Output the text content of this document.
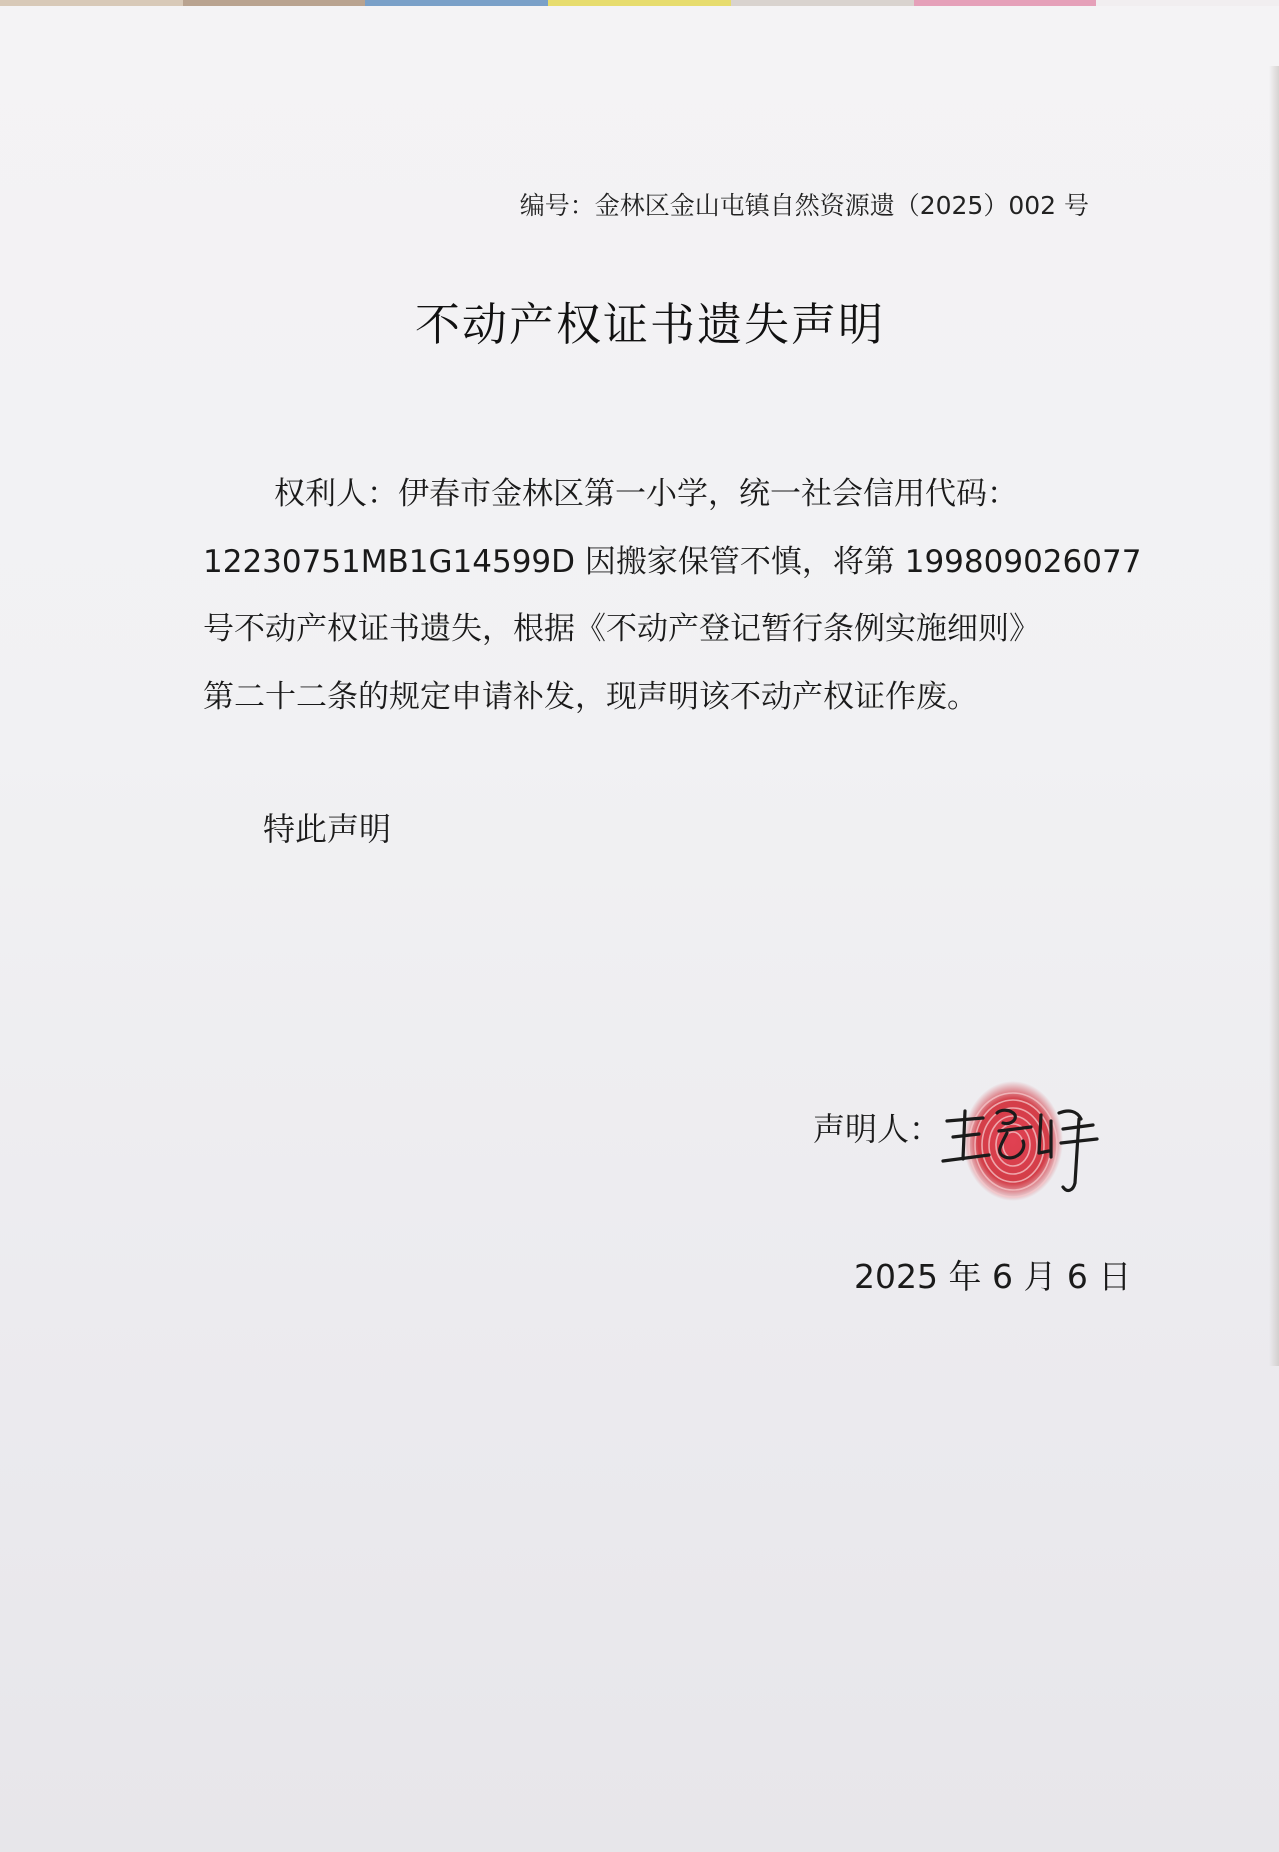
编号：金林区金山屯镇自然资源遗（2025）002 号
不动产权证书遗失声明

权利人：伊春市金林区第一小学，统一社会信用代码：
12230751MB1G14599D 因搬家保管不慎，将第 199809026077
号不动产权证书遗失，根据《不动产登记暂行条例实施细则》
第二十二条的规定申请补发，现声明该不动产权证作废。

特此声明
声明人：
2025 年 6 月 6 日
